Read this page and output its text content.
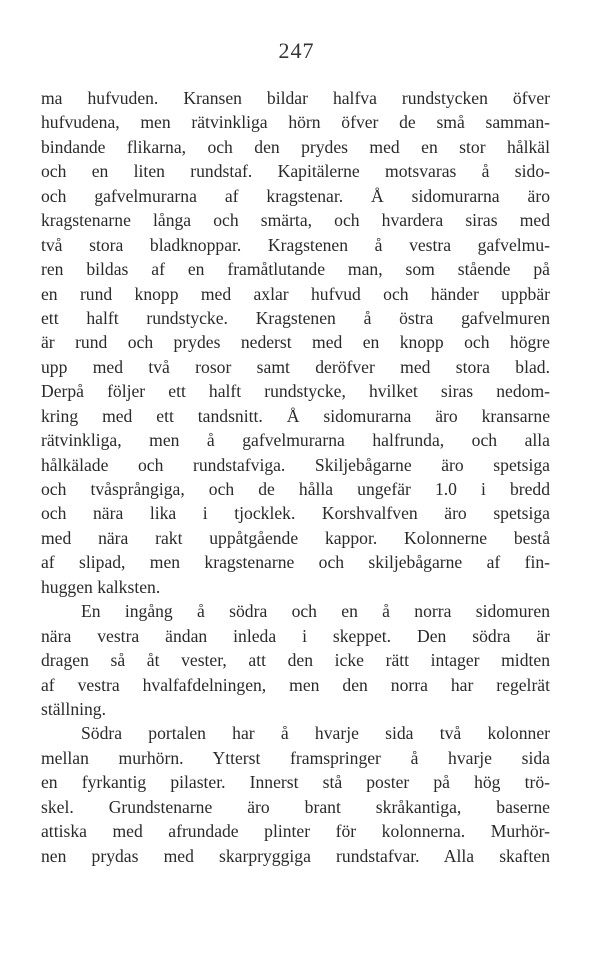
247
ma hufvuden. Kransen bildar halfva rundstycken öfver
hufvudena, men rätvinkliga hörn öfver de små samman-
bindande flikarna, och den prydes med en stor hålkäl
och en liten rundstaf. Kapitälerne motsvaras å sido-
och gafvelmurarna af kragstenar. Å sidomurarna äro
kragstenarne långa och smärta, och hvardera siras med
två stora bladknoppar. Kragstenen å vestra gafvelmu-
ren bildas af en framåtlutande man, som stående på
en rund knopp med axlar hufvud och händer uppbär
ett halft rundstycke. Kragstenen å östra gafvelmuren
är rund och prydes nederst med en knopp och högre
upp med två rosor samt deröfver med stora blad.
Derpå följer ett halft rundstycke, hvilket siras nedom-
kring med ett tandsnitt. Å sidomurarna äro kransarne
rätvinkliga, men å gafvelmurarna halfrunda, och alla
hålkälade och rundstafviga. Skiljebågarne äro spetsiga
och tvåsprångiga, och de hålla ungefär 1.0 i bredd
och nära lika i tjocklek. Korshvalfven äro spetsiga
med nära rakt uppåtgående kappor. Kolonnerne bestå
af slipad, men kragstenarne och skiljebågarne af fin-
huggen kalksten.
En ingång å södra och en å norra sidomuren
nära vestra ändan inleda i skeppet. Den södra är
dragen så åt vester, att den icke rätt intager midten
af vestra hvalfafdelningen, men den norra har regelrät
ställning.
Södra portalen har å hvarje sida två kolonner
mellan murhörn. Ytterst framspringer å hvarje sida
en fyrkantig pilaster. Innerst stå poster på hög trö-
skel. Grundstenarne äro brant skråkantiga, baserne
attiska med afrundade plinter för kolonnerna. Murhör-
nen prydas med skarpryggiga rundstafvar. Alla skaften
